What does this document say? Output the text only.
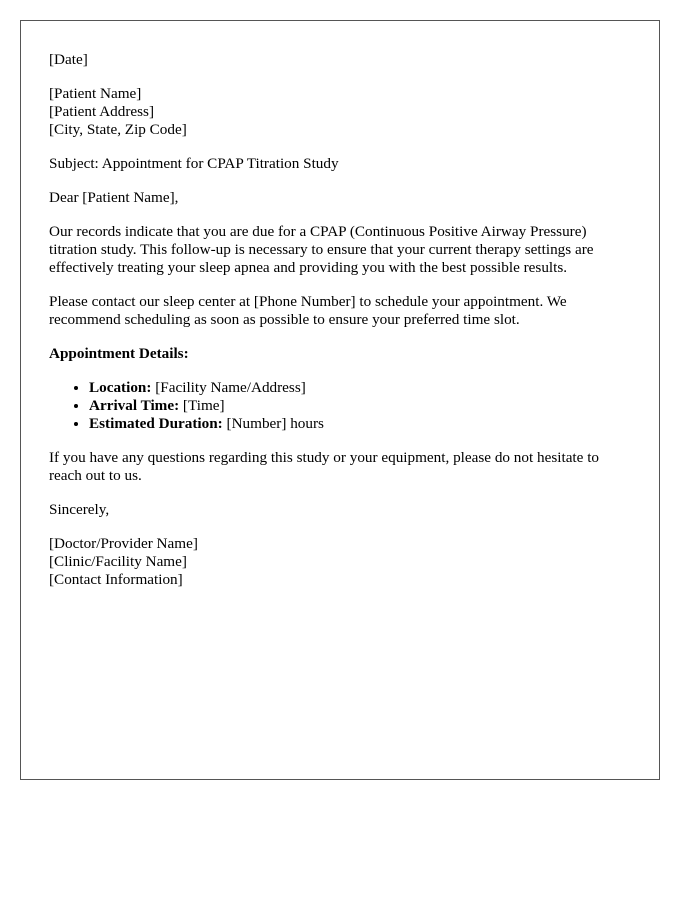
[Date]

[Patient Name]
[Patient Address]
[City, State, Zip Code]

Subject: Appointment for CPAP Titration Study

Dear [Patient Name],

Our records indicate that you are due for a CPAP (Continuous Positive Airway Pressure) titration study. This follow-up is necessary to ensure that your current therapy settings are effectively treating your sleep apnea and providing you with the best possible results.

Please contact our sleep center at [Phone Number] to schedule your appointment. We recommend scheduling as soon as possible to ensure your preferred time slot.

Appointment Details:

• Location: [Facility Name/Address]
• Arrival Time: [Time]
• Estimated Duration: [Number] hours

If you have any questions regarding this study or your equipment, please do not hesitate to reach out to us.

Sincerely,

[Doctor/Provider Name]
[Clinic/Facility Name]
[Contact Information]
